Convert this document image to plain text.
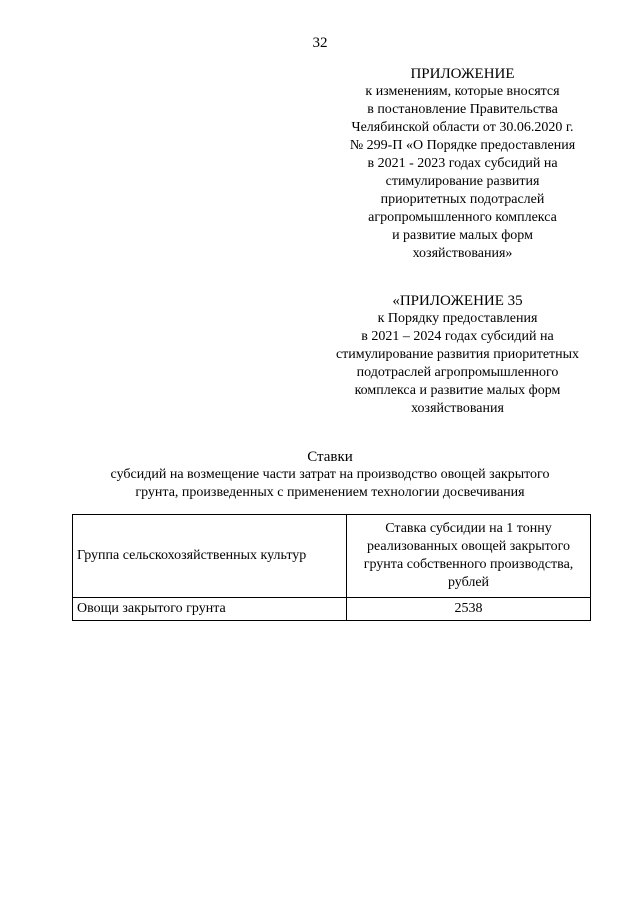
32
ПРИЛОЖЕНИЕ
к изменениям, которые вносятся
в постановление Правительства
Челябинской области от 30.06.2020 г.
№ 299-П «О Порядке предоставления
в 2021 - 2023 годах субсидий на
стимулирование развития
приоритетных подотраслей
агропромышленного комплекса
и развитие малых форм
хозяйствования»
«ПРИЛОЖЕНИЕ 35
к Порядку предоставления
в 2021 – 2024 годах субсидий на
стимулирование развития приоритетных
подотраслей агропромышленного
комплекса и развитие малых форм
хозяйствования
Ставки
субсидий на возмещение части затрат на производство овощей закрытого
грунта, произведенных с применением технологии досвечивания
Группа сельскохозяйственных культур	Ставка субсидии на 1 тонну реализованных овощей закрытого грунта собственного производства, рублей
Овощи закрытого грунта	2538
